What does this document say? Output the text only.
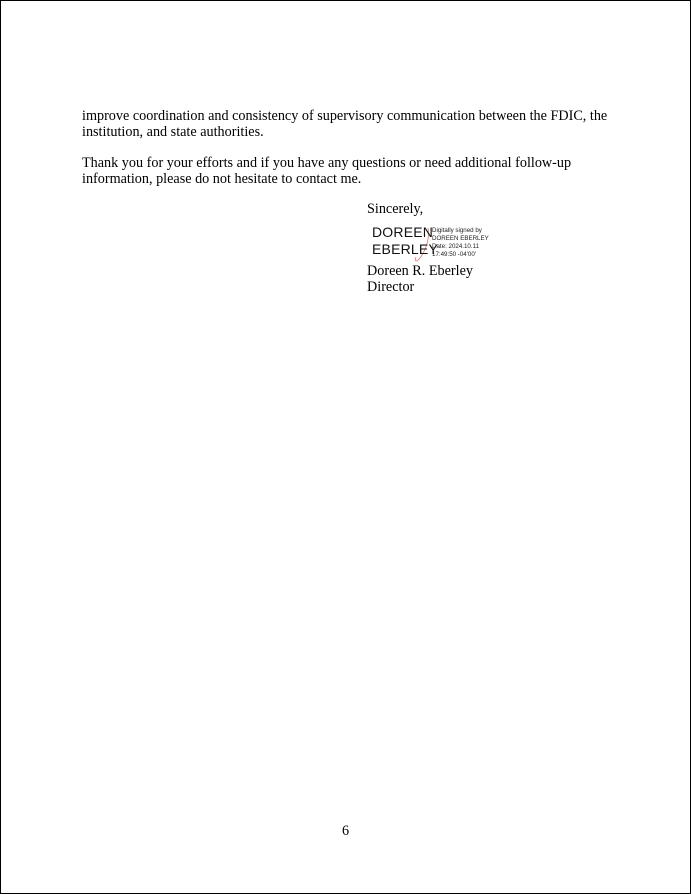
improve coordination and consistency of supervisory communication between the FDIC, the institution, and state authorities.

Thank you for your efforts and if you have any questions or need additional follow-up information, please do not hesitate to contact me.

Sincerely,

DOREEN
EBERLEY
Digitally signed by
DOREEN EBERLEY
Date: 2024.10.11
17:49:50 -04'00'
Doreen R. Eberley
Director
6
